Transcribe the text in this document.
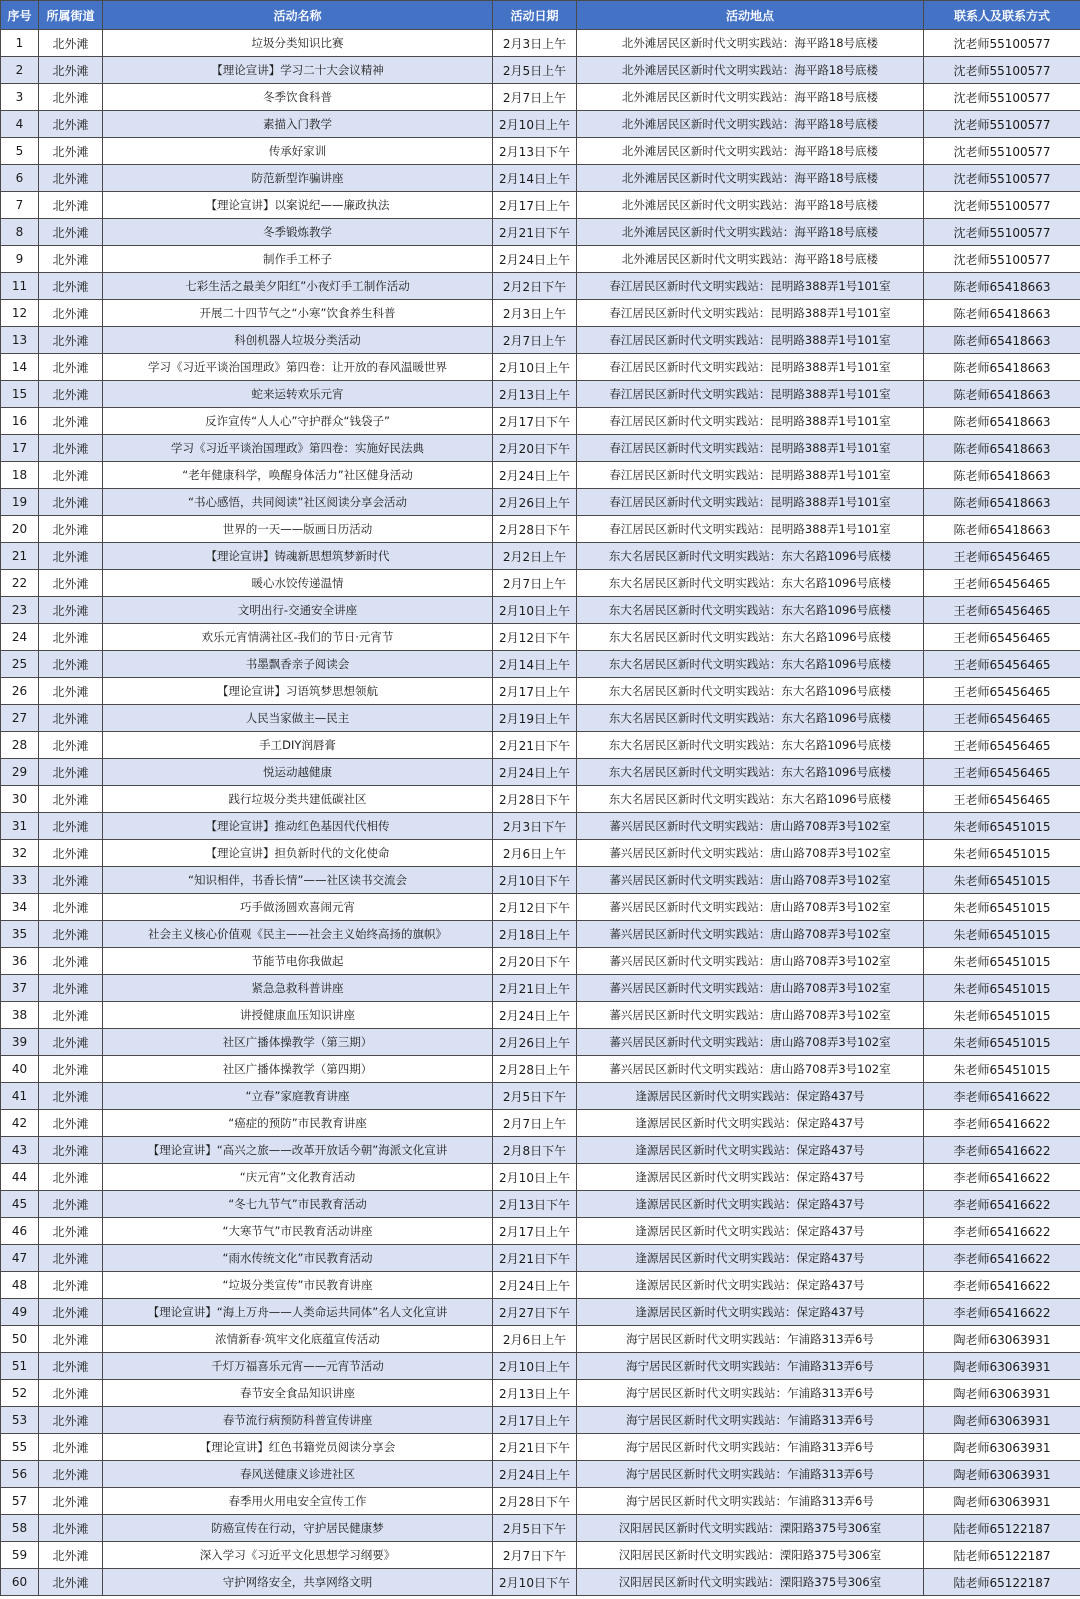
序号	所属街道	活动名称	活动日期	活动地点	联系人及联系方式
1	北外滩	垃圾分类知识比赛	2月3日上午	北外滩居民区新时代文明实践站：海平路18号底楼	沈老师55100577
2	北外滩	【理论宣讲】学习二十大会议精神	2月5日上午	北外滩居民区新时代文明实践站：海平路18号底楼	沈老师55100577
3	北外滩	冬季饮食科普	2月7日上午	北外滩居民区新时代文明实践站：海平路18号底楼	沈老师55100577
4	北外滩	素描入门教学	2月10日上午	北外滩居民区新时代文明实践站：海平路18号底楼	沈老师55100577
5	北外滩	传承好家训	2月13日下午	北外滩居民区新时代文明实践站：海平路18号底楼	沈老师55100577
6	北外滩	防范新型诈骗讲座	2月14日上午	北外滩居民区新时代文明实践站：海平路18号底楼	沈老师55100577
7	北外滩	【理论宣讲】以案说纪——廉政执法	2月17日上午	北外滩居民区新时代文明实践站：海平路18号底楼	沈老师55100577
8	北外滩	冬季锻炼教学	2月21日下午	北外滩居民区新时代文明实践站：海平路18号底楼	沈老师55100577
9	北外滩	制作手工杯子	2月24日上午	北外滩居民区新时代文明实践站：海平路18号底楼	沈老师55100577
11	北外滩	七彩生活之最美夕阳红”小夜灯手工制作活动	2月2日下午	春江居民区新时代文明实践站：昆明路388弄1号101室	陈老师65418663
12	北外滩	开展二十四节气之“小寒”饮食养生科普	2月3日上午	春江居民区新时代文明实践站：昆明路388弄1号101室	陈老师65418663
13	北外滩	科创机器人垃圾分类活动	2月7日上午	春江居民区新时代文明实践站：昆明路388弄1号101室	陈老师65418663
14	北外滩	学习《习近平谈治国理政》第四卷：让开放的春风温暖世界	2月10日上午	春江居民区新时代文明实践站：昆明路388弄1号101室	陈老师65418663
15	北外滩	蛇来运转欢乐元宵	2月13日上午	春江居民区新时代文明实践站：昆明路388弄1号101室	陈老师65418663
16	北外滩	反诈宣传“人人心”守护群众“钱袋子”	2月17日下午	春江居民区新时代文明实践站：昆明路388弄1号101室	陈老师65418663
17	北外滩	学习《习近平谈治国理政》第四卷：实施好民法典	2月20日下午	春江居民区新时代文明实践站：昆明路388弄1号101室	陈老师65418663
18	北外滩	“老年健康科学，唤醒身体活力”社区健身活动	2月24日上午	春江居民区新时代文明实践站：昆明路388弄1号101室	陈老师65418663
19	北外滩	“书心感悟，共同阅读”社区阅读分享会活动	2月26日上午	春江居民区新时代文明实践站：昆明路388弄1号101室	陈老师65418663
20	北外滩	世界的一天——版画日历活动	2月28日下午	春江居民区新时代文明实践站：昆明路388弄1号101室	陈老师65418663
21	北外滩	【理论宣讲】铸魂新思想筑梦新时代	2月2日上午	东大名居民区新时代文明实践站：东大名路1096号底楼	王老师65456465
22	北外滩	暖心水饺传递温情	2月7日上午	东大名居民区新时代文明实践站：东大名路1096号底楼	王老师65456465
23	北外滩	文明出行-交通安全讲座	2月10日上午	东大名居民区新时代文明实践站：东大名路1096号底楼	王老师65456465
24	北外滩	欢乐元宵情满社区-我们的节日·元宵节	2月12日下午	东大名居民区新时代文明实践站：东大名路1096号底楼	王老师65456465
25	北外滩	书墨飘香亲子阅读会	2月14日上午	东大名居民区新时代文明实践站：东大名路1096号底楼	王老师65456465
26	北外滩	【理论宣讲】习语筑梦思想领航	2月17日上午	东大名居民区新时代文明实践站：东大名路1096号底楼	王老师65456465
27	北外滩	人民当家做主—民主	2月19日上午	东大名居民区新时代文明实践站：东大名路1096号底楼	王老师65456465
28	北外滩	手工DIY润唇膏	2月21日下午	东大名居民区新时代文明实践站：东大名路1096号底楼	王老师65456465
29	北外滩	悦运动越健康	2月24日上午	东大名居民区新时代文明实践站：东大名路1096号底楼	王老师65456465
30	北外滩	践行垃圾分类共建低碳社区	2月28日下午	东大名居民区新时代文明实践站：东大名路1096号底楼	王老师65456465
31	北外滩	【理论宣讲】推动红色基因代代相传	2月3日下午	蕃兴居民区新时代文明实践站：唐山路708弄3号102室	朱老师65451015
32	北外滩	【理论宣讲】担负新时代的文化使命	2月6日上午	蕃兴居民区新时代文明实践站：唐山路708弄3号102室	朱老师65451015
33	北外滩	“知识相伴，书香长情”——社区读书交流会	2月10日下午	蕃兴居民区新时代文明实践站：唐山路708弄3号102室	朱老师65451015
34	北外滩	巧手做汤圆欢喜闹元宵	2月12日下午	蕃兴居民区新时代文明实践站：唐山路708弄3号102室	朱老师65451015
35	北外滩	社会主义核心价值观《民主——社会主义始终高扬的旗帜》	2月18日上午	蕃兴居民区新时代文明实践站：唐山路708弄3号102室	朱老师65451015
36	北外滩	节能节电你我做起	2月20日下午	蕃兴居民区新时代文明实践站：唐山路708弄3号102室	朱老师65451015
37	北外滩	紧急急救科普讲座	2月21日上午	蕃兴居民区新时代文明实践站：唐山路708弄3号102室	朱老师65451015
38	北外滩	讲授健康血压知识讲座	2月24日上午	蕃兴居民区新时代文明实践站：唐山路708弄3号102室	朱老师65451015
39	北外滩	社区广播体操教学（第三期）	2月26日上午	蕃兴居民区新时代文明实践站：唐山路708弄3号102室	朱老师65451015
40	北外滩	社区广播体操教学（第四期）	2月28日上午	蕃兴居民区新时代文明实践站：唐山路708弄3号102室	朱老师65451015
41	北外滩	“立春”家庭教育讲座	2月5日下午	逢源居民区新时代文明实践站：保定路437号	李老师65416622
42	北外滩	“癌症的预防”市民教育讲座	2月7日上午	逢源居民区新时代文明实践站：保定路437号	李老师65416622
43	北外滩	【理论宣讲】“高兴之旅——改革开放话今朝”海派文化宣讲	2月8日下午	逢源居民区新时代文明实践站：保定路437号	李老师65416622
44	北外滩	“庆元宵”文化教育活动	2月10日上午	逢源居民区新时代文明实践站：保定路437号	李老师65416622
45	北外滩	“冬七九节气”市民教育活动	2月13日下午	逢源居民区新时代文明实践站：保定路437号	李老师65416622
46	北外滩	“大寒节气”市民教育活动讲座	2月17日上午	逢源居民区新时代文明实践站：保定路437号	李老师65416622
47	北外滩	“雨水传统文化”市民教育活动	2月21日下午	逢源居民区新时代文明实践站：保定路437号	李老师65416622
48	北外滩	“垃圾分类宣传”市民教育讲座	2月24日上午	逢源居民区新时代文明实践站：保定路437号	李老师65416622
49	北外滩	【理论宣讲】“海上万舟——人类命运共同体”名人文化宣讲	2月27日下午	逢源居民区新时代文明实践站：保定路437号	李老师65416622
50	北外滩	浓情新春·筑牢文化底蕴宣传活动	2月6日上午	海宁居民区新时代文明实践站：乍浦路313弄6号	陶老师63063931
51	北外滩	千灯万福喜乐元宵——元宵节活动	2月10日上午	海宁居民区新时代文明实践站：乍浦路313弄6号	陶老师63063931
52	北外滩	春节安全食品知识讲座	2月13日上午	海宁居民区新时代文明实践站：乍浦路313弄6号	陶老师63063931
53	北外滩	春节流行病预防科普宣传讲座	2月17日上午	海宁居民区新时代文明实践站：乍浦路313弄6号	陶老师63063931
55	北外滩	【理论宣讲】红色书籍党员阅读分享会	2月21日下午	海宁居民区新时代文明实践站：乍浦路313弄6号	陶老师63063931
56	北外滩	春风送健康义诊进社区	2月24日上午	海宁居民区新时代文明实践站：乍浦路313弄6号	陶老师63063931
57	北外滩	春季用火用电安全宣传工作	2月28日下午	海宁居民区新时代文明实践站：乍浦路313弄6号	陶老师63063931
58	北外滩	防癌宣传在行动，守护居民健康梦	2月5日下午	汉阳居民区新时代文明实践站：溧阳路375号306室	陆老师65122187
59	北外滩	深入学习《习近平文化思想学习纲要》	2月7日下午	汉阳居民区新时代文明实践站：溧阳路375号306室	陆老师65122187
60	北外滩	守护网络安全，共享网络文明	2月10日下午	汉阳居民区新时代文明实践站：溧阳路375号306室	陆老师65122187
